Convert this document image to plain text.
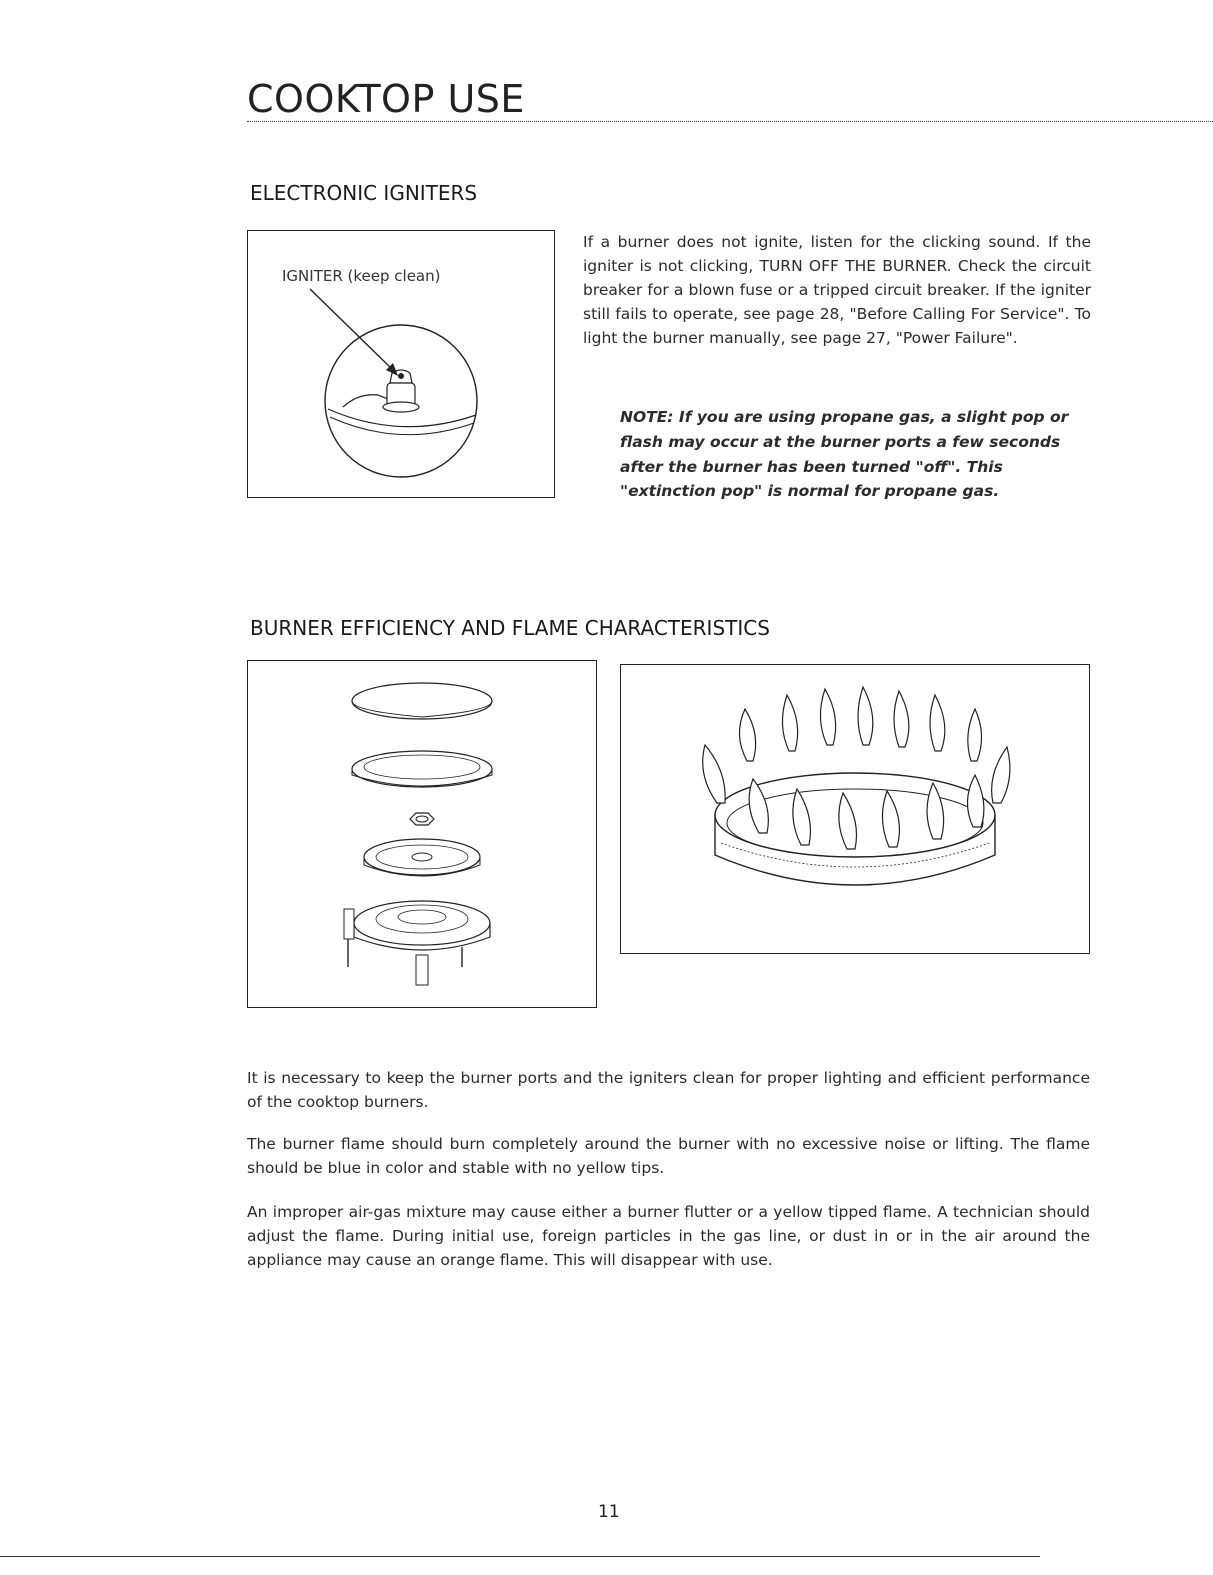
COOKTOP USE
ELECTRONIC IGNITERS
IGNITER (keep clean)

If a burner does not ignite, listen for the clicking sound. If the igniter is not clicking, TURN OFF THE BURNER. Check the circuit breaker for a blown fuse or a tripped circuit breaker. If the igniter still fails to operate, see page 28, "Before Calling For Service". To light the burner manually, see page 27, "Power Failure".

NOTE: If you are using propane gas, a slight pop or flash may occur at the burner ports a few seconds after the burner has been turned "off". This "extinction pop" is normal for propane gas.
BURNER EFFICIENCY AND FLAME CHARACTERISTICS

It is necessary to keep the burner ports and the igniters clean for proper lighting and efficient performance of the cooktop burners.

The burner flame should burn completely around the burner with no excessive noise or lifting. The flame should be blue in color and stable with no yellow tips.

An improper air-gas mixture may cause either a burner flutter or a yellow tipped flame. A technician should adjust the flame. During initial use, foreign particles in the gas line, or dust in or in the air around the appliance may cause an orange flame. This will disappear with use.

11
